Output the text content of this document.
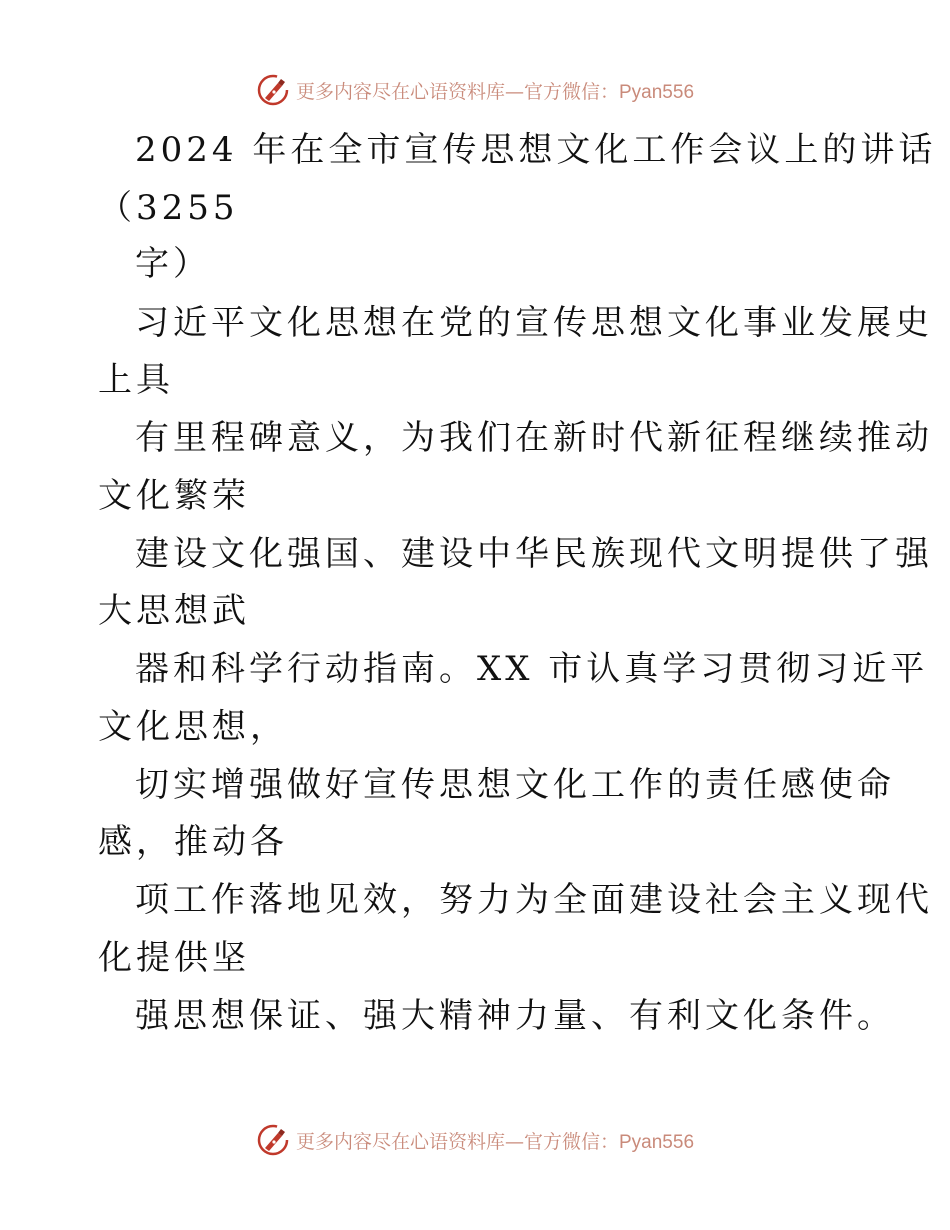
更多内容尽在心语资料库—官方微信：Pyan556
2024 年在全市宣传思想文化工作会议上的讲话
（3255
字）
习近平文化思想在党的宣传思想文化事业发展史
上具
有里程碑意义，为我们在新时代新征程继续推动
文化繁荣
建设文化强国、建设中华民族现代文明提供了强
大思想武
器和科学行动指南。XX 市认真学习贯彻习近平
文化思想，
切实增强做好宣传思想文化工作的责任感使命
感，推动各
项工作落地见效，努力为全面建设社会主义现代
化提供坚
强思想保证、强大精神力量、有利文化条件。
更多内容尽在心语资料库—官方微信：Pyan556
